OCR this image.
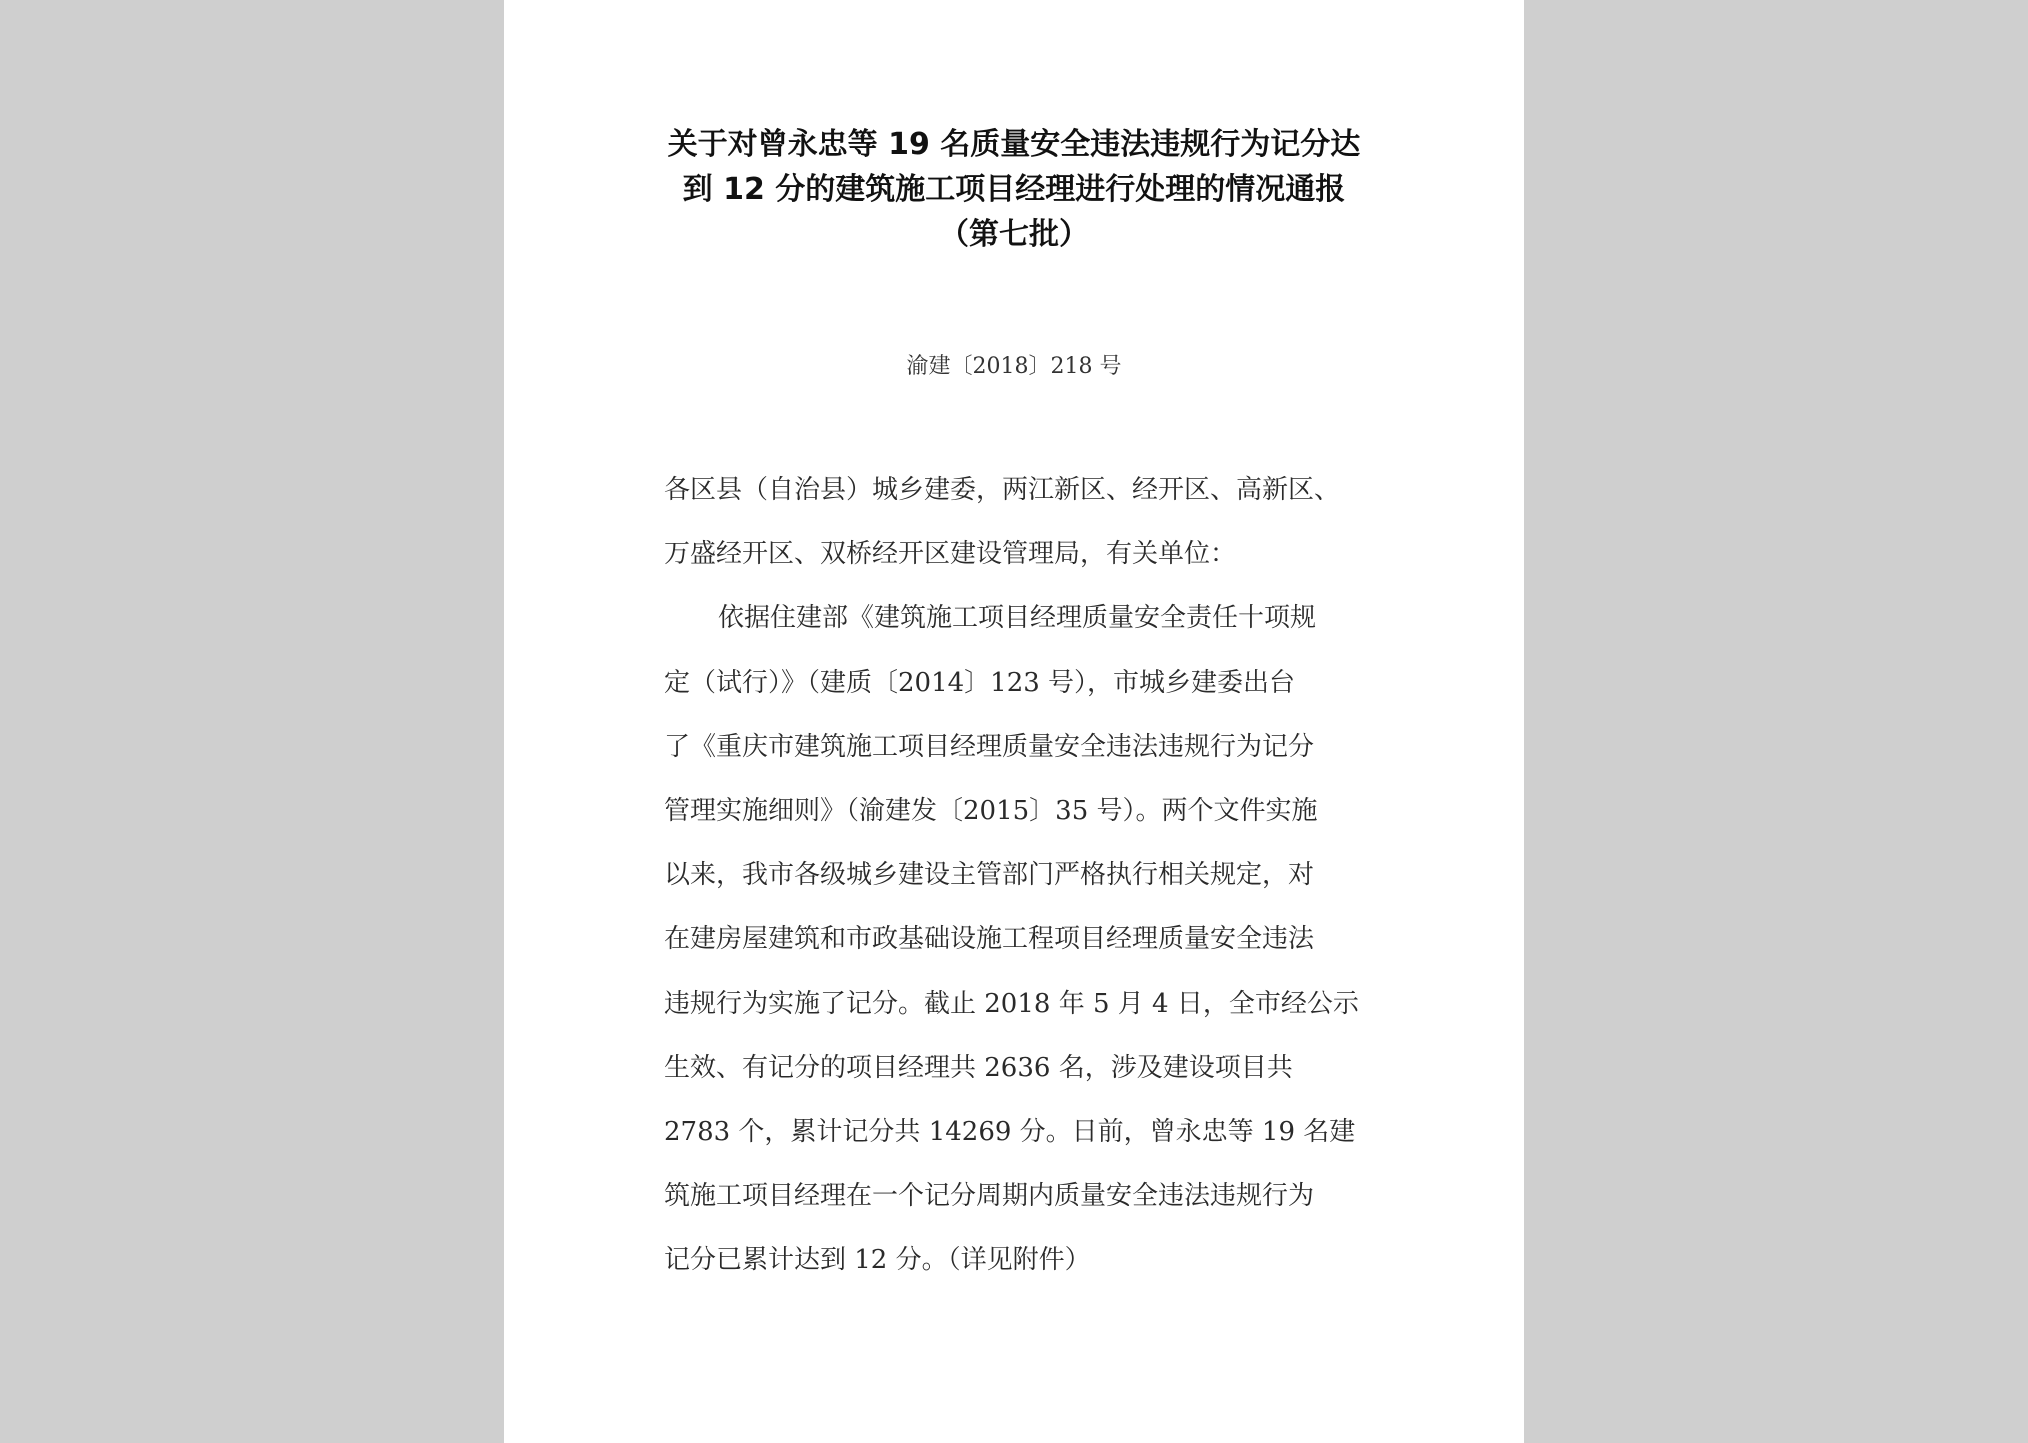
关于对曾永忠等 19 名质量安全违法违规行为记分达
到 12 分的建筑施工项目经理进行处理的情况通报
（第七批）
渝建〔2018〕218 号
各区县（自治县）城乡建委，两江新区、经开区、高新区、
万盛经开区、双桥经开区建设管理局，有关单位：
依据住建部《建筑施工项目经理质量安全责任十项规
定（试行）》（建质〔2014〕123 号），市城乡建委出台
了《重庆市建筑施工项目经理质量安全违法违规行为记分
管理实施细则》（渝建发〔2015〕35 号）。两个文件实施
以来，我市各级城乡建设主管部门严格执行相关规定，对
在建房屋建筑和市政基础设施工程项目经理质量安全违法
违规行为实施了记分。截止 2018 年 5 月 4 日，全市经公示
生效、有记分的项目经理共 2636 名，涉及建设项目共
2783 个，累计记分共 14269 分。日前，曾永忠等 19 名建
筑施工项目经理在一个记分周期内质量安全违法违规行为
记分已累计达到 12 分。（详见附件）
